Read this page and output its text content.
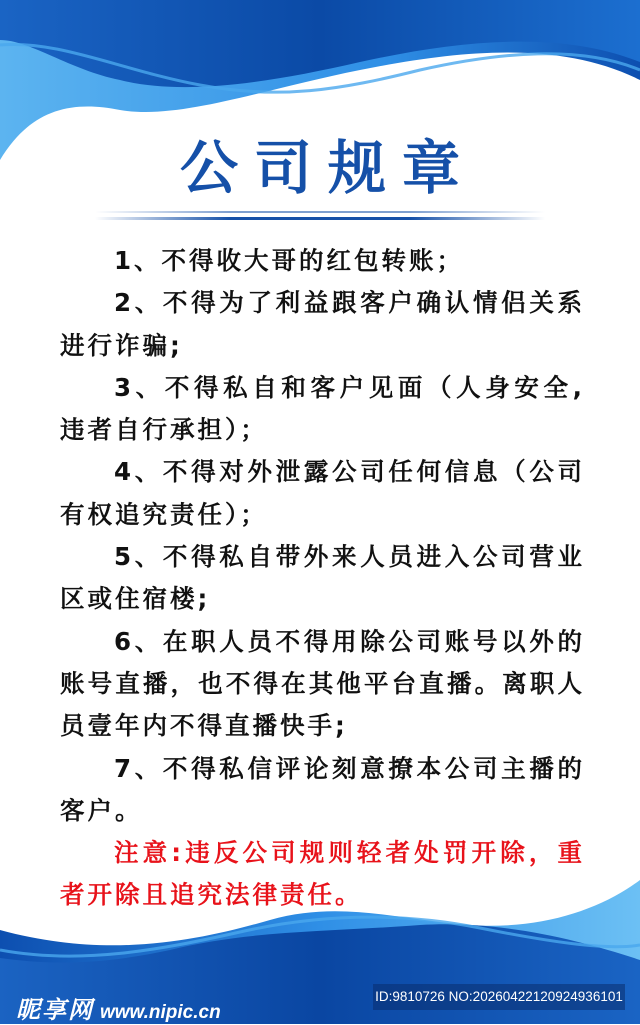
公司规章

1、不得收大哥的红包转账；

2、不得为了利益跟客户确认情侣关系进行诈骗;

3、不得私自和客户见面（人身安全,违者自行承担）；

4、不得对外泄露公司任何信息（公司有权追究责任）；

5、不得私自带外来人员进入公司营业区或住宿楼;

6、在职人员不得用除公司账号以外的账号直播，也不得在其他平台直播。离职人员壹年内不得直播快手;

7、不得私信评论刻意撩本公司主播的客户。

注意:违反公司规则轻者处罚开除，重者开除且追究法律责任。

昵享网 www.nipic.cn
ID:9810726 NO:20260422120924936101
